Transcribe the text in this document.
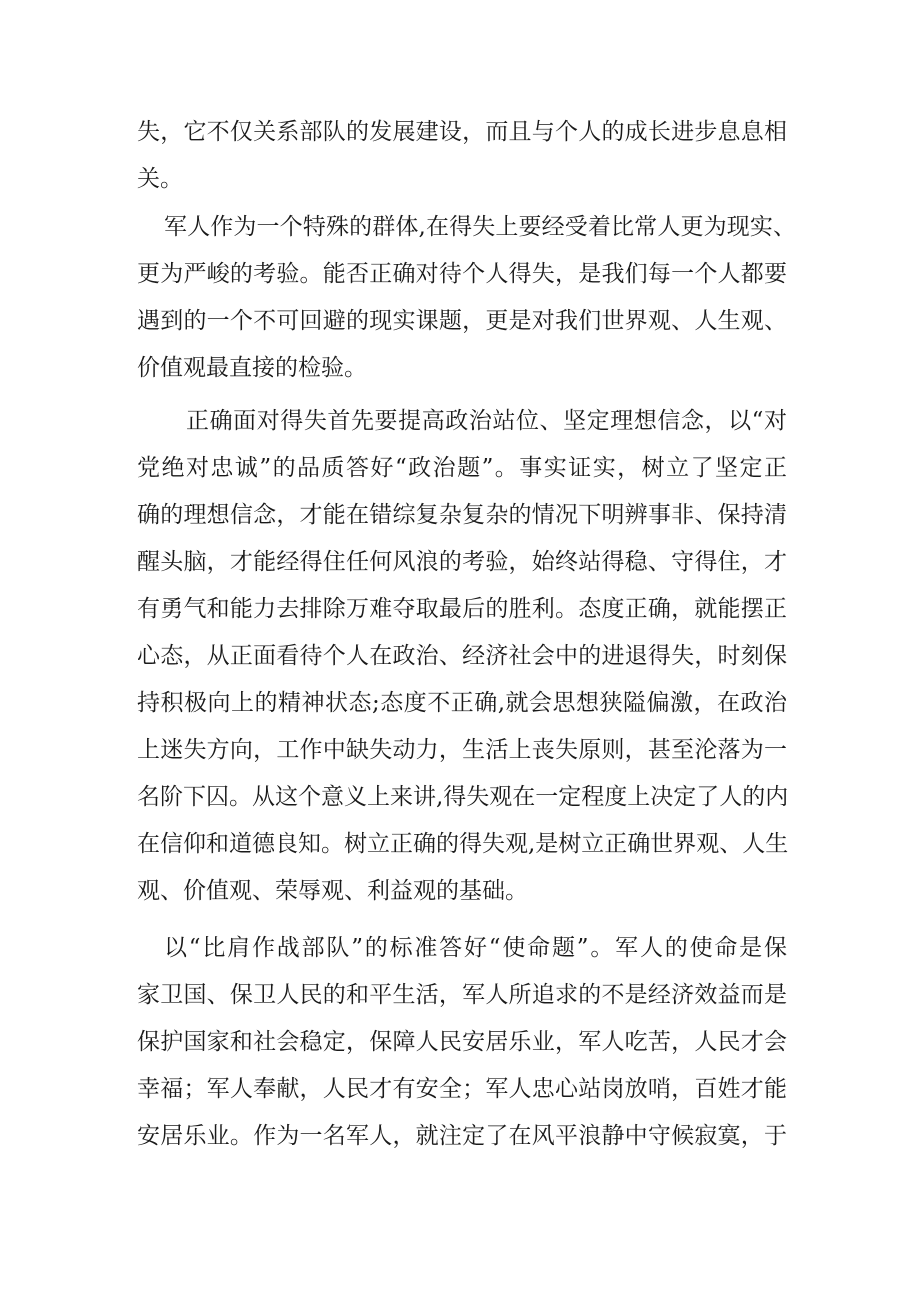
失，它不仅关系部队的发展建设，而且与个人的成长进步息息相
关。
军人作为一个特殊的群体,在得失上要经受着比常人更为现实、
更为严峻的考验。能否正确对待个人得失，是我们每一个人都要
遇到的一个不可回避的现实课题，更是对我们世界观、人生观、
价值观最直接的检验。
正确面对得失首先要提高政治站位、坚定理想信念，以“对
党绝对忠诚”的品质答好“政治题”。事实证实，树立了坚定正
确的理想信念，才能在错综复杂复杂的情况下明辨事非、保持清
醒头脑，才能经得住任何风浪的考验，始终站得稳、守得住，才
有勇气和能力去排除万难夺取最后的胜利。态度正确，就能摆正
心态，从正面看待个人在政治、经济社会中的进退得失，时刻保
持积极向上的精神状态;态度不正确,就会思想狭隘偏激，在政治
上迷失方向，工作中缺失动力，生活上丧失原则，甚至沦落为一
名阶下囚。从这个意义上来讲,得失观在一定程度上决定了人的内
在信仰和道德良知。树立正确的得失观,是树立正确世界观、人生
观、价值观、荣辱观、利益观的基础。
以“比肩作战部队”的标准答好“使命题”。军人的使命是保
家卫国、保卫人民的和平生活，军人所追求的不是经济效益而是
保护国家和社会稳定，保障人民安居乐业，军人吃苦，人民才会
幸福；军人奉献，人民才有安全；军人忠心站岗放哨，百姓才能
安居乐业。作为一名军人，就注定了在风平浪静中守候寂寞，于
